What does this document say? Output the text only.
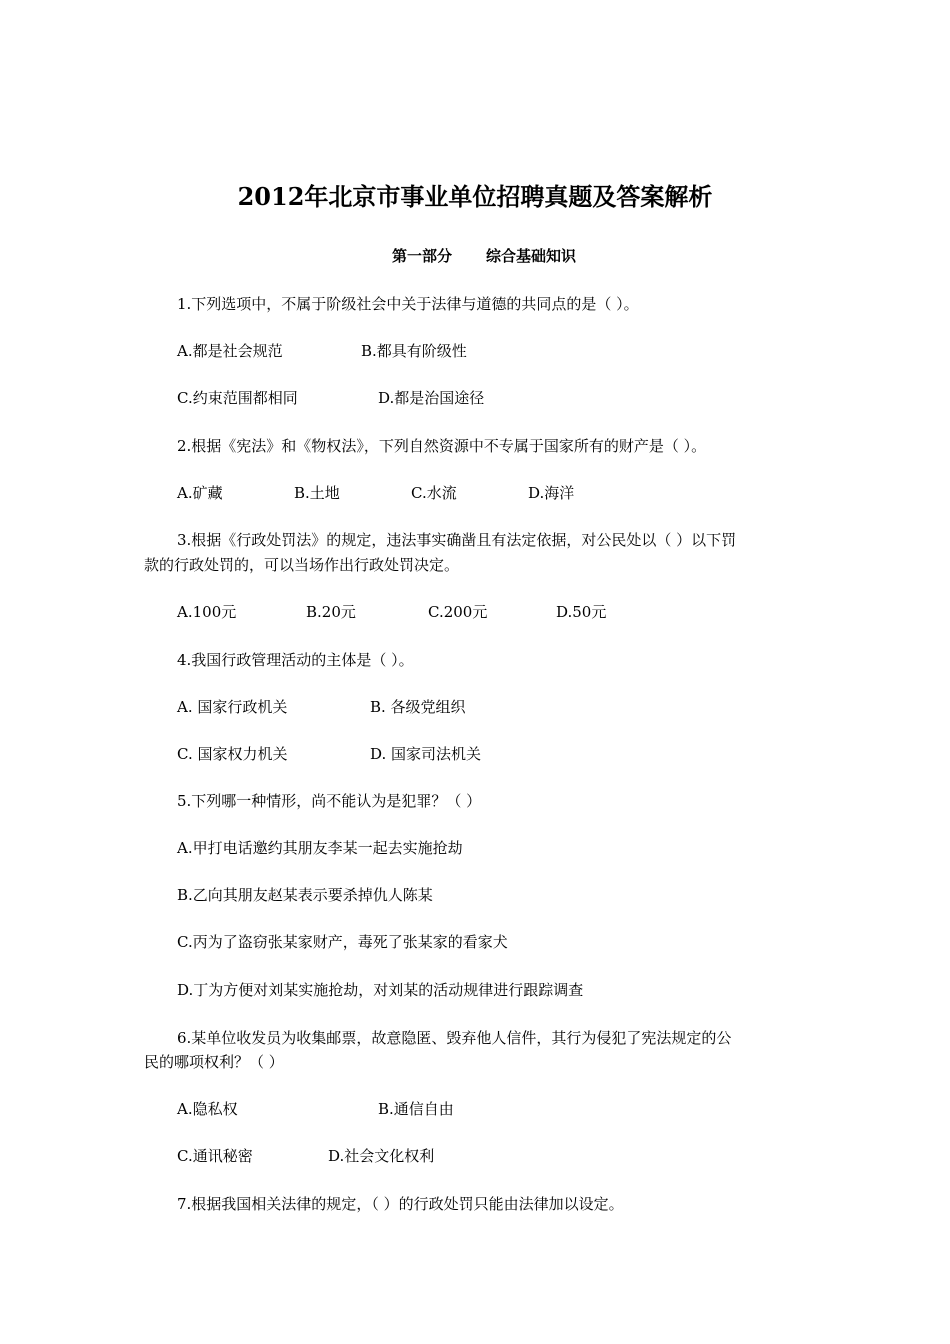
2012年北京市事业单位招聘真题及答案解析
第一部分 综合基础知识
1.下列选项中，不属于阶级社会中关于法律与道德的共同点的是（ ）。
A.都是社会规范	B.都具有阶级性
C.约束范围都相同	D.都是治国途径
2.根据《宪法》和《物权法》，下列自然资源中不专属于国家所有的财产是（ ）。
A.矿藏	B.土地	C.水流	D.海洋
3.根据《行政处罚法》的规定，违法事实确凿且有法定依据，对公民处以（ ）以下罚
款的行政处罚的，可以当场作出行政处罚决定。
A.100元	B.20元	C.200元	D.50元
4.我国行政管理活动的主体是（ ）。
A. 国家行政机关	B. 各级党组织
C. 国家权力机关	D. 国家司法机关
5.下列哪一种情形，尚不能认为是犯罪？（ ）
A.甲打电话邀约其朋友李某一起去实施抢劫
B.乙向其朋友赵某表示要杀掉仇人陈某
C.丙为了盗窃张某家财产，毒死了张某家的看家犬
D.丁为方便对刘某实施抢劫，对刘某的活动规律进行跟踪调查
6.某单位收发员为收集邮票，故意隐匿、毁弃他人信件，其行为侵犯了宪法规定的公
民的哪项权利？（ ）
A.隐私权	B.通信自由
C.通讯秘密	D.社会文化权利
7.根据我国相关法律的规定，（ ）的行政处罚只能由法律加以设定。
